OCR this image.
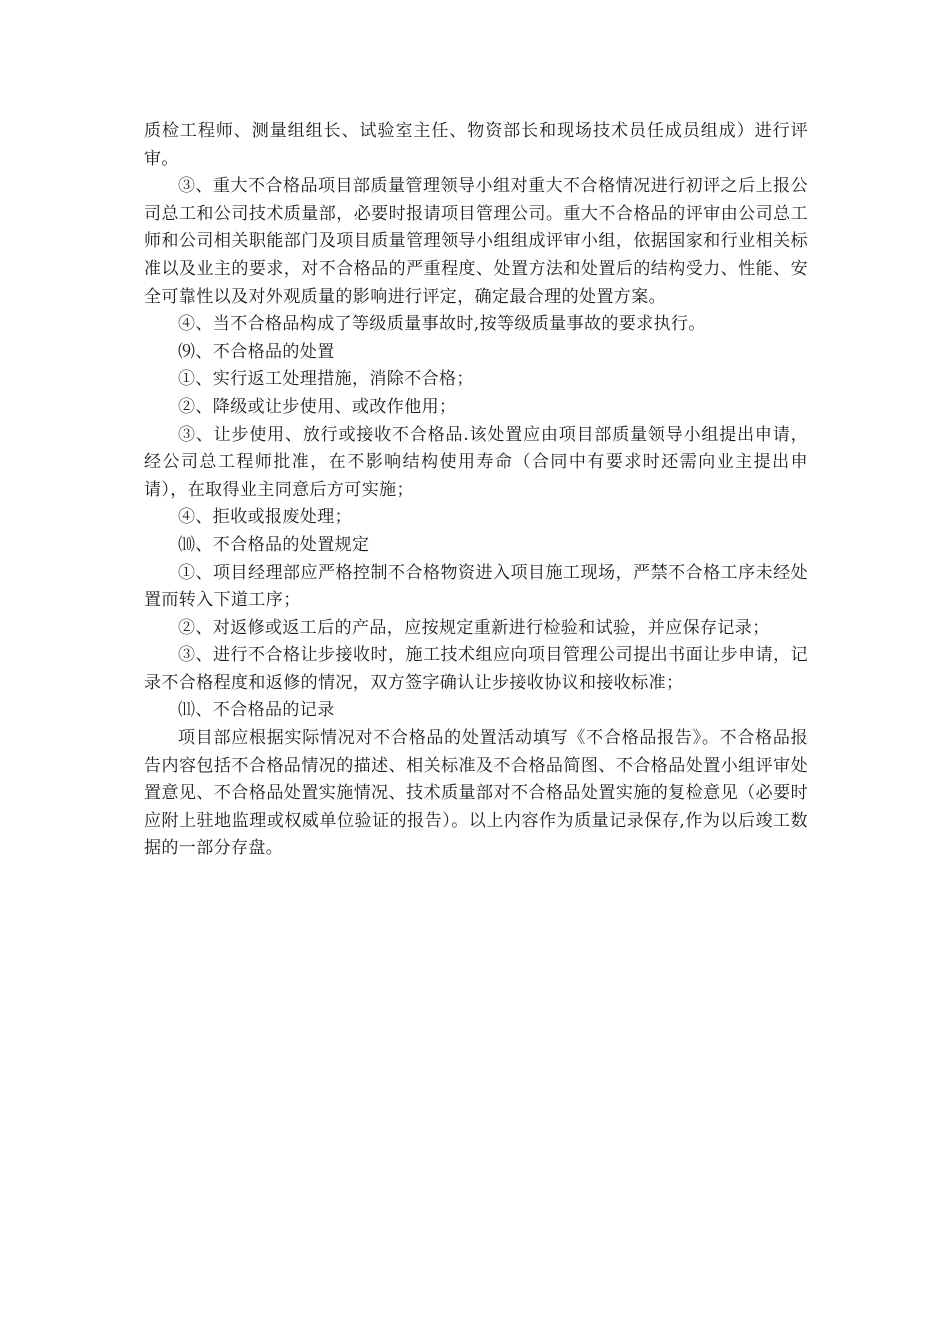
质检工程师、测量组组长、试验室主任、物资部长和现场技术员任成员组成）进行评审。

③、重大不合格品项目部质量管理领导小组对重大不合格情况进行初评之后上报公司总工和公司技术质量部，必要时报请项目管理公司。重大不合格品的评审由公司总工师和公司相关职能部门及项目质量管理领导小组组成评审小组，依据国家和行业相关标准以及业主的要求，对不合格品的严重程度、处置方法和处置后的结构受力、性能、安全可靠性以及对外观质量的影响进行评定，确定最合理的处置方案。

④、当不合格品构成了等级质量事故时,按等级质量事故的要求执行。

⑼、不合格品的处置

①、实行返工处理措施，消除不合格；

②、降级或让步使用、或改作他用；

③、让步使用、放行或接收不合格品.该处置应由项目部质量领导小组提出申请，经公司总工程师批准，在不影响结构使用寿命（合同中有要求时还需向业主提出申请），在取得业主同意后方可实施；

④、拒收或报废处理；

⑽、不合格品的处置规定

①、项目经理部应严格控制不合格物资进入项目施工现场，严禁不合格工序未经处置而转入下道工序；

②、对返修或返工后的产品，应按规定重新进行检验和试验，并应保存记录；

③、进行不合格让步接收时，施工技术组应向项目管理公司提出书面让步申请，记录不合格程度和返修的情况，双方签字确认让步接收协议和接收标准；

⑾、不合格品的记录

项目部应根据实际情况对不合格品的处置活动填写《不合格品报告》。不合格品报告内容包括不合格品情况的描述、相关标准及不合格品简图、不合格品处置小组评审处置意见、不合格品处置实施情况、技术质量部对不合格品处置实施的复检意见（必要时应附上驻地监理或权威单位验证的报告）。以上内容作为质量记录保存,作为以后竣工数据的一部分存盘。
